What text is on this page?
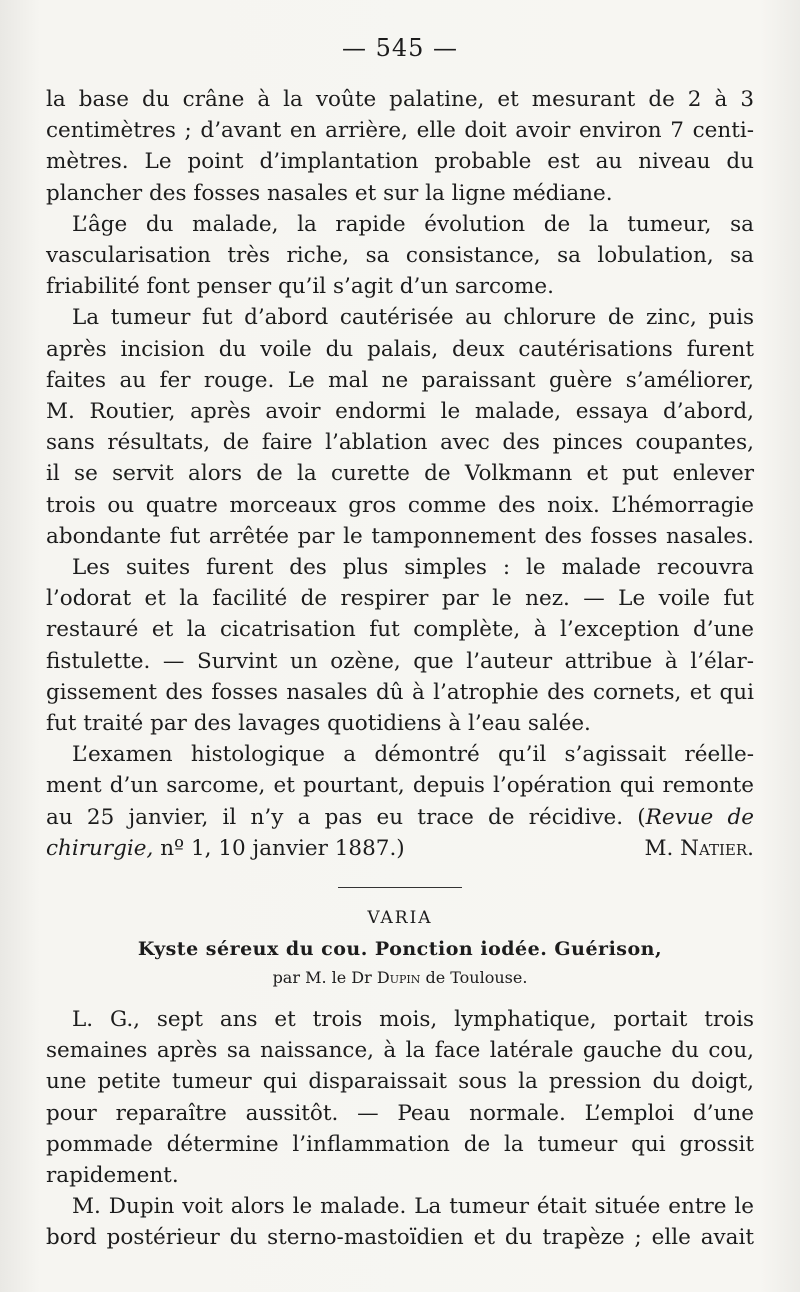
— 545 —
la base du crâne à la voûte palatine, et mesurant de 2 à 3
centimètres ; d’avant en arrière, elle doit avoir environ 7 centi-
mètres. Le point d’implantation probable est au niveau du
plancher des fosses nasales et sur la ligne médiane.
L’âge du malade, la rapide évolution de la tumeur, sa
vascularisation très riche, sa consistance, sa lobulation, sa
friabilité font penser qu’il s’agit d’un sarcome.
La tumeur fut d’abord cautérisée au chlorure de zinc, puis
après incision du voile du palais, deux cautérisations furent
faites au fer rouge. Le mal ne paraissant guère s’améliorer,
M. Routier, après avoir endormi le malade, essaya d’abord,
sans résultats, de faire l’ablation avec des pinces coupantes,
il se servit alors de la curette de Volkmann et put enlever
trois ou quatre morceaux gros comme des noix. L’hémorragie
abondante fut arrêtée par le tamponnement des fosses nasales.
Les suites furent des plus simples : le malade recouvra
l’odorat et la facilité de respirer par le nez. — Le voile fut
restauré et la cicatrisation fut complète, à l’exception d’une
fistulette. — Survint un ozène, que l’auteur attribue à l’élar-
gissement des fosses nasales dû à l’atrophie des cornets, et qui
fut traité par des lavages quotidiens à l’eau salée.
L’examen histologique a démontré qu’il s’agissait réelle-
ment d’un sarcome, et pourtant, depuis l’opération qui remonte
au 25 janvier, il n’y a pas eu trace de récidive. (Revue de
chirurgie, nº 1, 10 janvier 1887.)	M. Natier.
VARIA
Kyste séreux du cou. Ponction iodée. Guérison,
par M. le Dr Dupin de Toulouse.
L. G., sept ans et trois mois, lymphatique, portait trois
semaines après sa naissance, à la face latérale gauche du cou,
une petite tumeur qui disparaissait sous la pression du doigt,
pour reparaître aussitôt. — Peau normale. L’emploi d’une
pommade détermine l’inflammation de la tumeur qui grossit
rapidement.
M. Dupin voit alors le malade. La tumeur était située entre le
bord postérieur du sterno-mastoïdien et du trapèze ; elle avait
